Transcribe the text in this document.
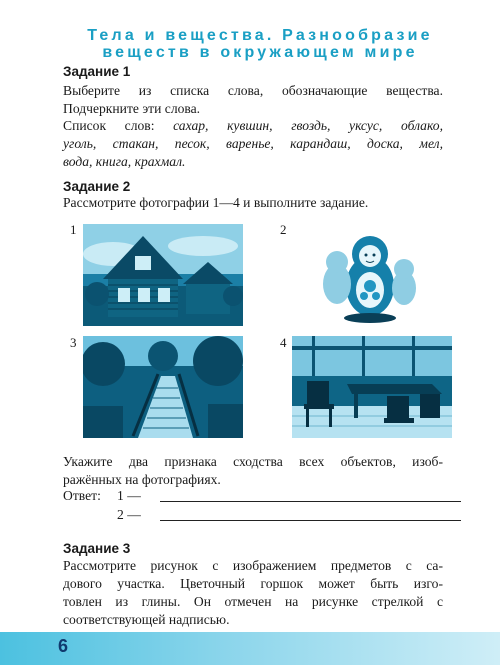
Тела и вещества. Разнообразие
веществ в окружающем мире
Задание 1
Выберите из списка слова, обозначающие вещества.
Подчеркните эти слова.
Список слов: сахар, кувшин, гвоздь, уксус, облако,
уголь, стакан, песок, варенье, карандаш, доска, мел,
вода, книга, крахмал.
Задание 2
Рассмотрите фотографии 1—4 и выполните задание.
1	2
3	4
Укажите два признака сходства всех объектов, изоб-
ражённых на фотографиях.
Ответ: 1 —
2 —
Задание 3
Рассмотрите рисунок с изображением предметов с са-
дового участка. Цветочный горшок может быть изго-
товлен из глины. Он отмечен на рисунке стрелкой с
соответствующей надписью.
6
